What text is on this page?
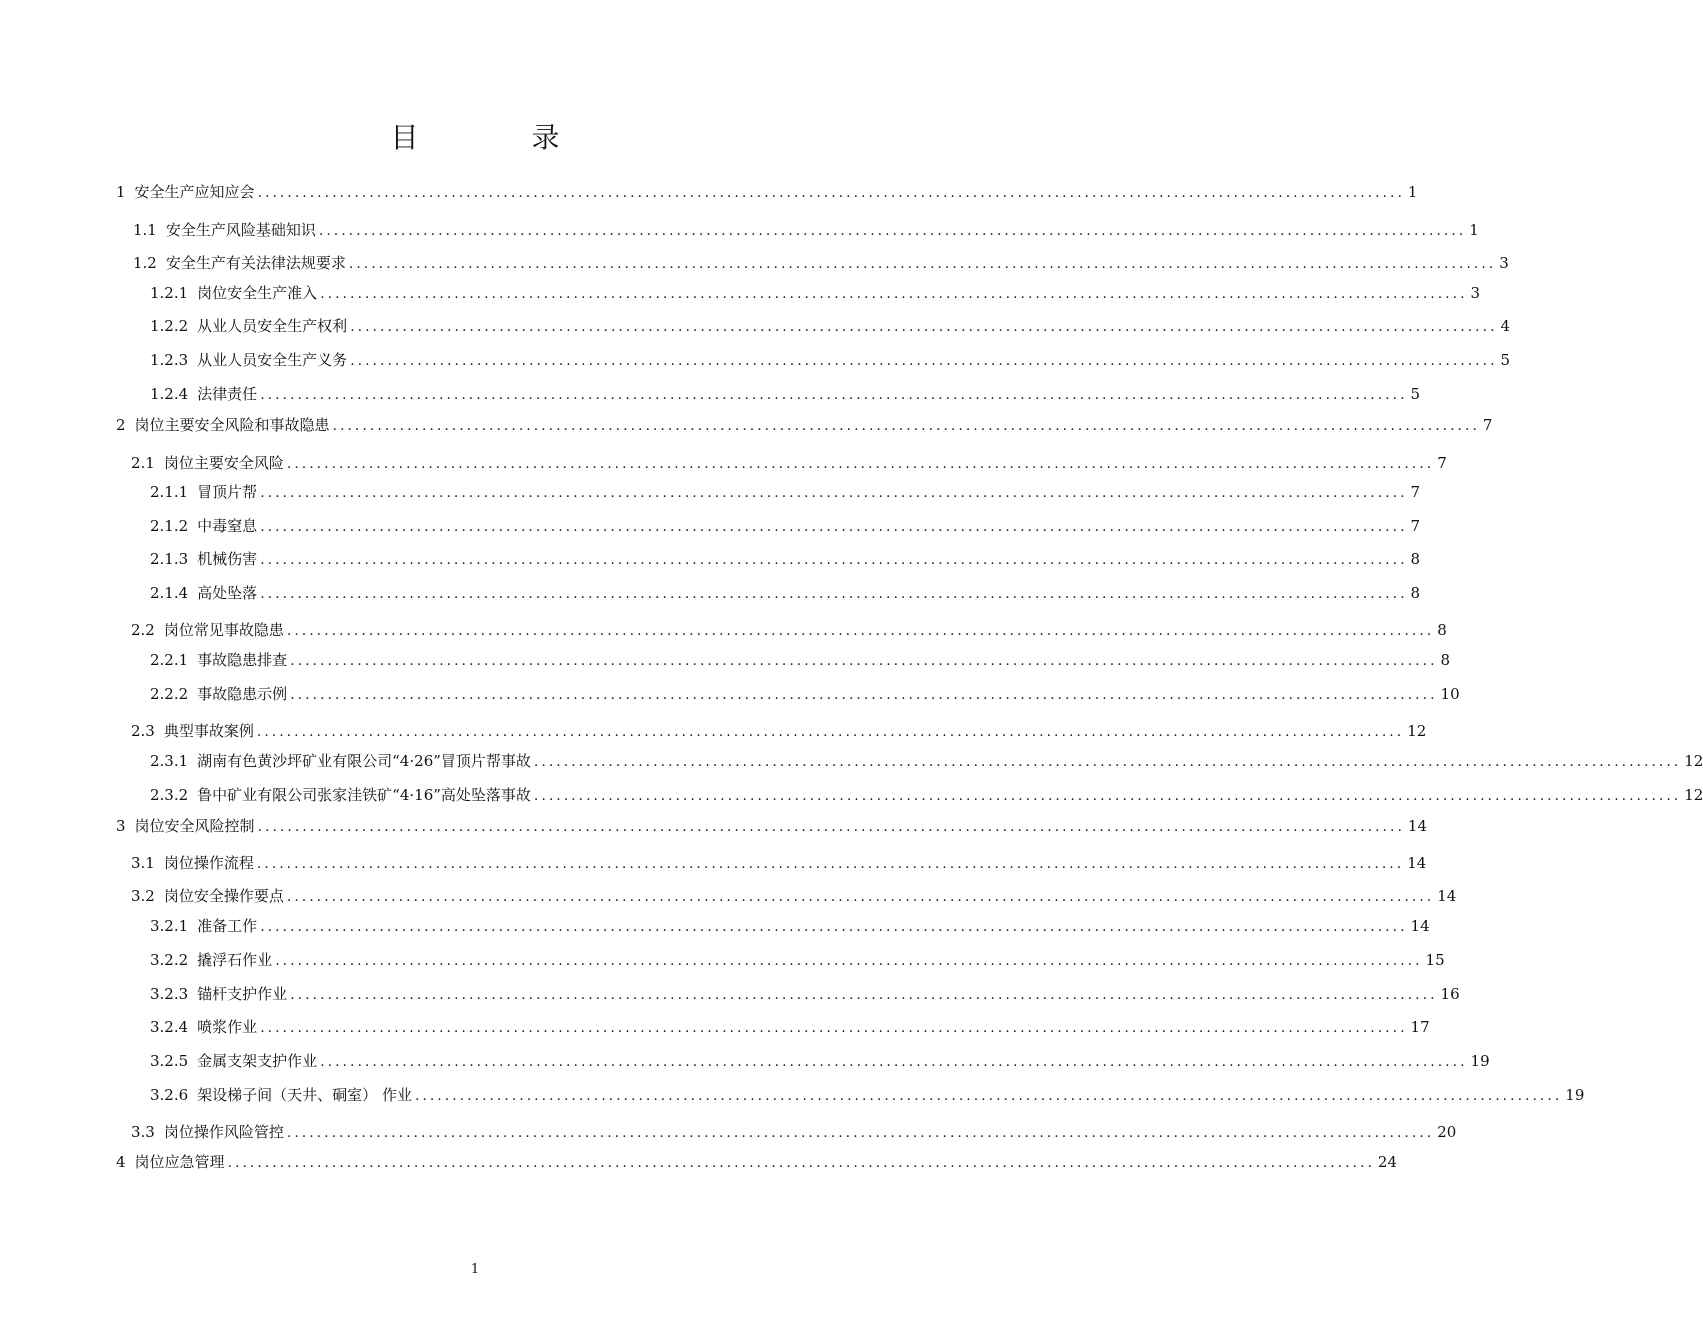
目 录
1 安全生产应知应会 .......................................................................................................................................................... 1
1.1 安全生产风险基础知识 .......................................................................................................................................................... 1
1.2 安全生产有关法律法规要求 .......................................................................................................................................................... 3
1.2.1 岗位安全生产准入 .......................................................................................................................................................... 3
1.2.2 从业人员安全生产权利 .......................................................................................................................................................... 4
1.2.3 从业人员安全生产义务 .......................................................................................................................................................... 5
1.2.4 法律责任 .......................................................................................................................................................... 5
2 岗位主要安全风险和事故隐患 .......................................................................................................................................................... 7
2.1 岗位主要安全风险 .......................................................................................................................................................... 7
2.1.1 冒顶片帮 .......................................................................................................................................................... 7
2.1.2 中毒窒息 .......................................................................................................................................................... 7
2.1.3 机械伤害 .......................................................................................................................................................... 8
2.1.4 高处坠落 .......................................................................................................................................................... 8
2.2 岗位常见事故隐患 .......................................................................................................................................................... 8
2.2.1 事故隐患排查 .......................................................................................................................................................... 8
2.2.2 事故隐患示例 .......................................................................................................................................................... 10
2.3 典型事故案例 .......................................................................................................................................................... 12
2.3.1 湖南有色黄沙坪矿业有限公司“4·26”冒顶片帮事故 .......................................................................................................................................................... 12
2.3.2 鲁中矿业有限公司张家洼铁矿“4·16”高处坠落事故 .......................................................................................................................................................... 12
3 岗位安全风险控制 .......................................................................................................................................................... 14
3.1 岗位操作流程 .......................................................................................................................................................... 14
3.2 岗位安全操作要点 .......................................................................................................................................................... 14
3.2.1 准备工作 .......................................................................................................................................................... 14
3.2.2 撬浮石作业 .......................................................................................................................................................... 15
3.2.3 锚杆支护作业 .......................................................................................................................................................... 16
3.2.4 喷浆作业 .......................................................................................................................................................... 17
3.2.5 金属支架支护作业 .......................................................................................................................................................... 19
3.2.6 架设梯子间（天井、硐室） 作业 .......................................................................................................................................................... 19
3.3 岗位操作风险管控 .......................................................................................................................................................... 20
4 岗位应急管理 .......................................................................................................................................................... 24
1
